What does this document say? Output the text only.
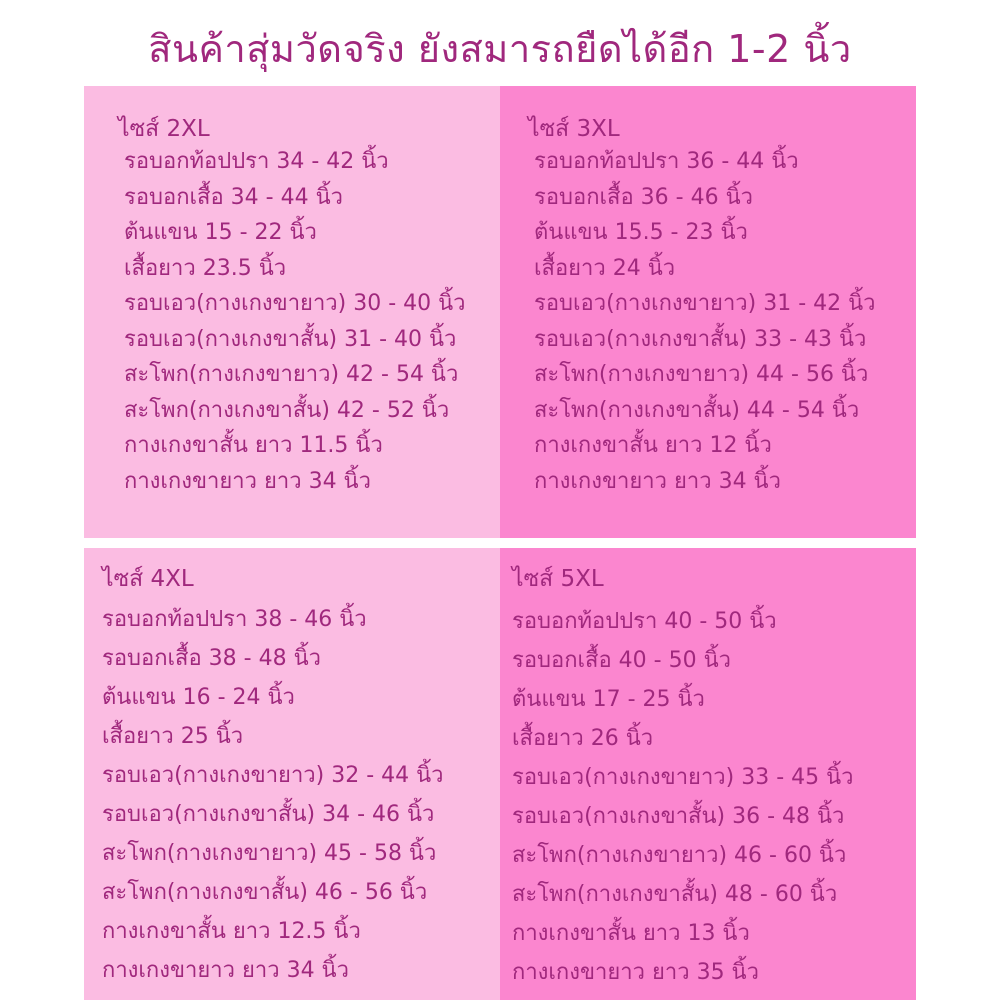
สินค้าสุ่มวัดจริง ยังสมารถยืดได้อีก 1-2 นิ้ว
ไซส์ 2XL
รอบอกท้อปปรา 34 - 42 นิ้ว
รอบอกเสื้อ 34 - 44 นิ้ว
ต้นแขน 15 - 22 นิ้ว
เสื้อยาว 23.5 นิ้ว
รอบเอว(กางเกงขายาว) 30 - 40 นิ้ว
รอบเอว(กางเกงขาสั้น) 31 - 40 นิ้ว
สะโพก(กางเกงขายาว) 42 - 54 นิ้ว
สะโพก(กางเกงขาสั้น) 42 - 52 นิ้ว
กางเกงขาสั้น ยาว 11.5 นิ้ว
กางเกงขายาว ยาว 34 นิ้ว
ไซส์ 3XL
รอบอกท้อปปรา 36 - 44 นิ้ว
รอบอกเสื้อ 36 - 46 นิ้ว
ต้นแขน 15.5 - 23 นิ้ว
เสื้อยาว 24 นิ้ว
รอบเอว(กางเกงขายาว) 31 - 42 นิ้ว
รอบเอว(กางเกงขาสั้น) 33 - 43 นิ้ว
สะโพก(กางเกงขายาว) 44 - 56 นิ้ว
สะโพก(กางเกงขาสั้น) 44 - 54 นิ้ว
กางเกงขาสั้น ยาว 12 นิ้ว
กางเกงขายาว ยาว 34 นิ้ว
ไซส์ 4XL
รอบอกท้อปปรา 38 - 46 นิ้ว
รอบอกเสื้อ 38 - 48 นิ้ว
ต้นแขน 16 - 24 นิ้ว
เสื้อยาว 25 นิ้ว
รอบเอว(กางเกงขายาว) 32 - 44 นิ้ว
รอบเอว(กางเกงขาสั้น) 34 - 46 นิ้ว
สะโพก(กางเกงขายาว) 45 - 58 นิ้ว
สะโพก(กางเกงขาสั้น) 46 - 56 นิ้ว
กางเกงขาสั้น ยาว 12.5 นิ้ว
กางเกงขายาว ยาว 34 นิ้ว
ไซส์ 5XL
รอบอกท้อปปรา 40 - 50 นิ้ว
รอบอกเสื้อ 40 - 50 นิ้ว
ต้นแขน 17 - 25 นิ้ว
เสื้อยาว 26 นิ้ว
รอบเอว(กางเกงขายาว) 33 - 45 นิ้ว
รอบเอว(กางเกงขาสั้น) 36 - 48 นิ้ว
สะโพก(กางเกงขายาว) 46 - 60 นิ้ว
สะโพก(กางเกงขาสั้น) 48 - 60 นิ้ว
กางเกงขาสั้น ยาว 13 นิ้ว
กางเกงขายาว ยาว 35 นิ้ว
